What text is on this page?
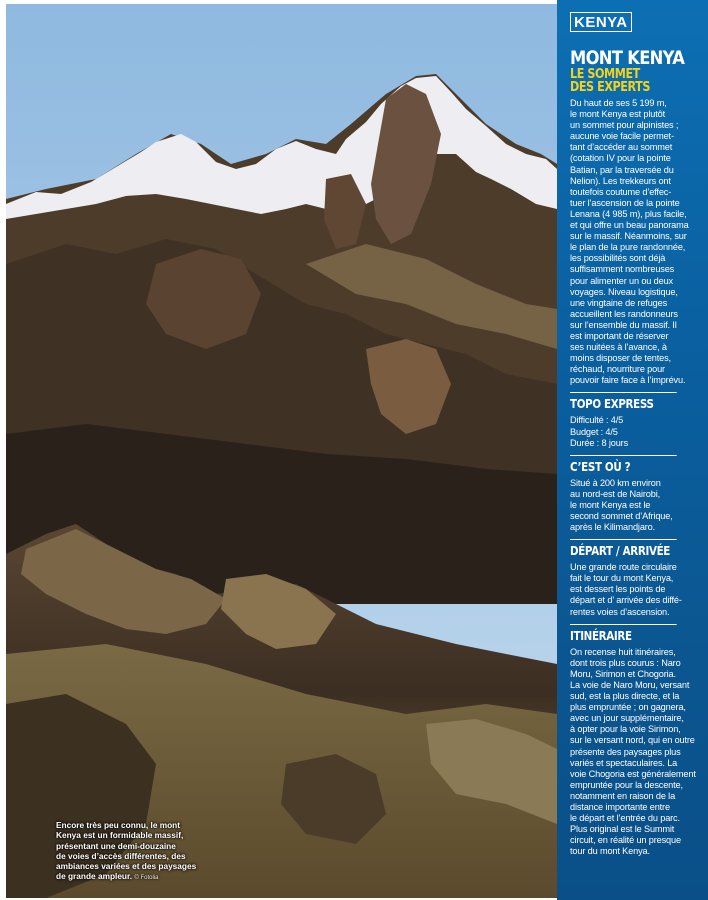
Encore très peu connu, le mont
Kenya est un formidable massif,
présentant une demi-douzaine
de voies d’accès différentes, des
ambiances variées et des paysages
de grande ampleur. © Fotolia
KENYA
MONT KENYA
LE SOMMET
DES EXPERTS
Du haut de ses 5 199 m,
le mont Kenya est plutôt
un sommet pour alpinistes ;
aucune voie facile permet-
tant d’accéder au sommet
(cotation IV pour la pointe
Batian, par la traversée du
Nelion). Les trekkeurs ont
toutefois coutume d’effec-
tuer l’ascension de la pointe
Lenana (4 985 m), plus facile,
et qui offre un beau panorama
sur le massif. Néanmoins, sur
le plan de la pure randonnée,
les possibilités sont déjà
suffisamment nombreuses
pour alimenter un ou deux
voyages. Niveau logistique,
une vingtaine de refuges
accueillent les randonneurs
sur l’ensemble du massif. Il
est important de réserver
ses nuitées à l’avance, à
moins disposer de tentes,
réchaud, nourriture pour
pouvoir faire face à l’imprévu.
TOPO EXPRESS
Difficulté : 4/5
Budget : 4/5
Durée : 8 jours
C’EST OÙ ?
Situé à 200 km environ
au nord-est de Nairobi,
le mont Kenya est le
second sommet d’Afrique,
après le Kilimandjaro.
DÉPART / ARRIVÉE
Une grande route circulaire
fait le tour du mont Kenya,
est dessert les points de
départ et d’ arrivée des diffé-
rentes voies d’ascension.
ITINÉRAIRE
On recense huit itinéraires,
dont trois plus courus : Naro
Moru, Sirimon et Chogoria.
La voie de Naro Moru, versant
sud, est la plus directe, et la
plus empruntée ; on gagnera,
avec un jour supplémentaire,
à opter pour la voie Sirimon,
sur le versant nord, qui en outre
présente des paysages plus
variés et spectaculaires. La
voie Chogoria est généralement
empruntée pour la descente,
notamment en raison de la
distance importante entre
le départ et l’entrée du parc.
Plus original est le Summit
circuit, en réalité un presque
tour du mont Kenya.
